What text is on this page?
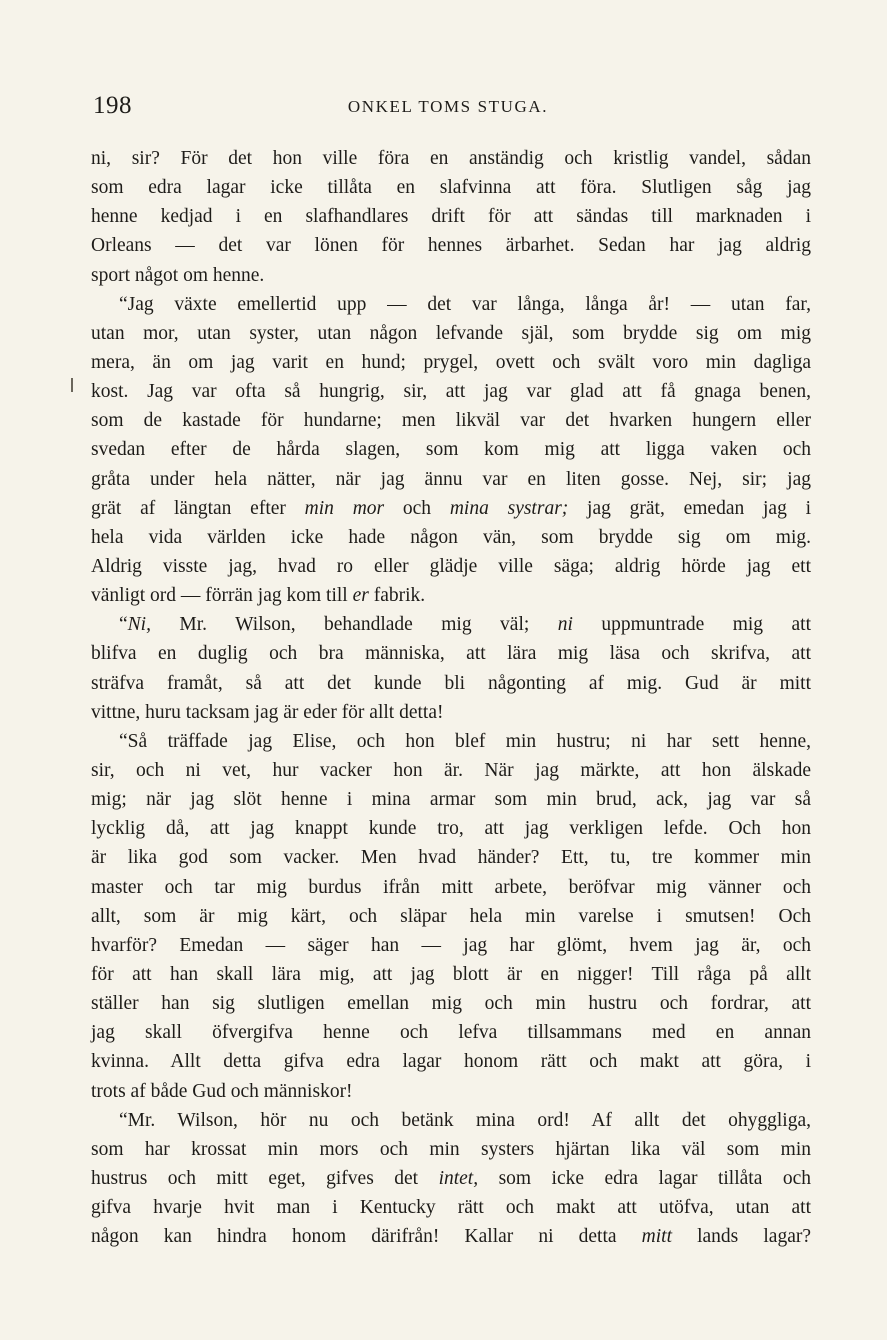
198	ONKEL TOMS STUGA.
ni, sir? För det hon ville föra en anständig och kristlig vandel, sådan
som edra lagar icke tillåta en slafvinna att föra. Slutligen såg jag
henne kedjad i en slafhandlares drift för att sändas till marknaden i
Orleans — det var lönen för hennes ärbarhet. Sedan har jag aldrig
sport något om henne.
“Jag växte emellertid upp — det var långa, långa år! — utan far,
utan mor, utan syster, utan någon lefvande själ, som brydde sig om mig
mera, än om jag varit en hund; prygel, ovett och svält voro min dagliga
kost. Jag var ofta så hungrig, sir, att jag var glad att få gnaga benen,
som de kastade för hundarne; men likväl var det hvarken hungern eller
svedan efter de hårda slagen, som kom mig att ligga vaken och
gråta under hela nätter, när jag ännu var en liten gosse. Nej, sir; jag
grät af längtan efter min mor och mina systrar; jag grät, emedan jag i
hela vida världen icke hade någon vän, som brydde sig om mig.
Aldrig visste jag, hvad ro eller glädje ville säga; aldrig hörde jag ett
vänligt ord — förrän jag kom till er fabrik.
“Ni, Mr. Wilson, behandlade mig väl; ni uppmuntrade mig att
blifva en duglig och bra människa, att lära mig läsa och skrifva, att
sträfva framåt, så att det kunde bli någonting af mig. Gud är mitt
vittne, huru tacksam jag är eder för allt detta!
“Så träffade jag Elise, och hon blef min hustru; ni har sett henne,
sir, och ni vet, hur vacker hon är. När jag märkte, att hon älskade
mig; när jag slöt henne i mina armar som min brud, ack, jag var så
lycklig då, att jag knappt kunde tro, att jag verkligen lefde. Och hon
är lika god som vacker. Men hvad händer? Ett, tu, tre kommer min
master och tar mig burdus ifrån mitt arbete, beröfvar mig vänner och
allt, som är mig kärt, och släpar hela min varelse i smutsen! Och
hvarför? Emedan — säger han — jag har glömt, hvem jag är, och
för att han skall lära mig, att jag blott är en nigger! Till råga på allt
ställer han sig slutligen emellan mig och min hustru och fordrar, att
jag skall öfvergifva henne och lefva tillsammans med en annan
kvinna. Allt detta gifva edra lagar honom rätt och makt att göra, i
trots af både Gud och människor!
“Mr. Wilson, hör nu och betänk mina ord! Af allt det ohyggliga,
som har krossat min mors och min systers hjärtan lika väl som min
hustrus och mitt eget, gifves det intet, som icke edra lagar tillåta och
gifva hvarje hvit man i Kentucky rätt och makt att utöfva, utan att
någon kan hindra honom därifrån! Kallar ni detta mitt lands lagar?
